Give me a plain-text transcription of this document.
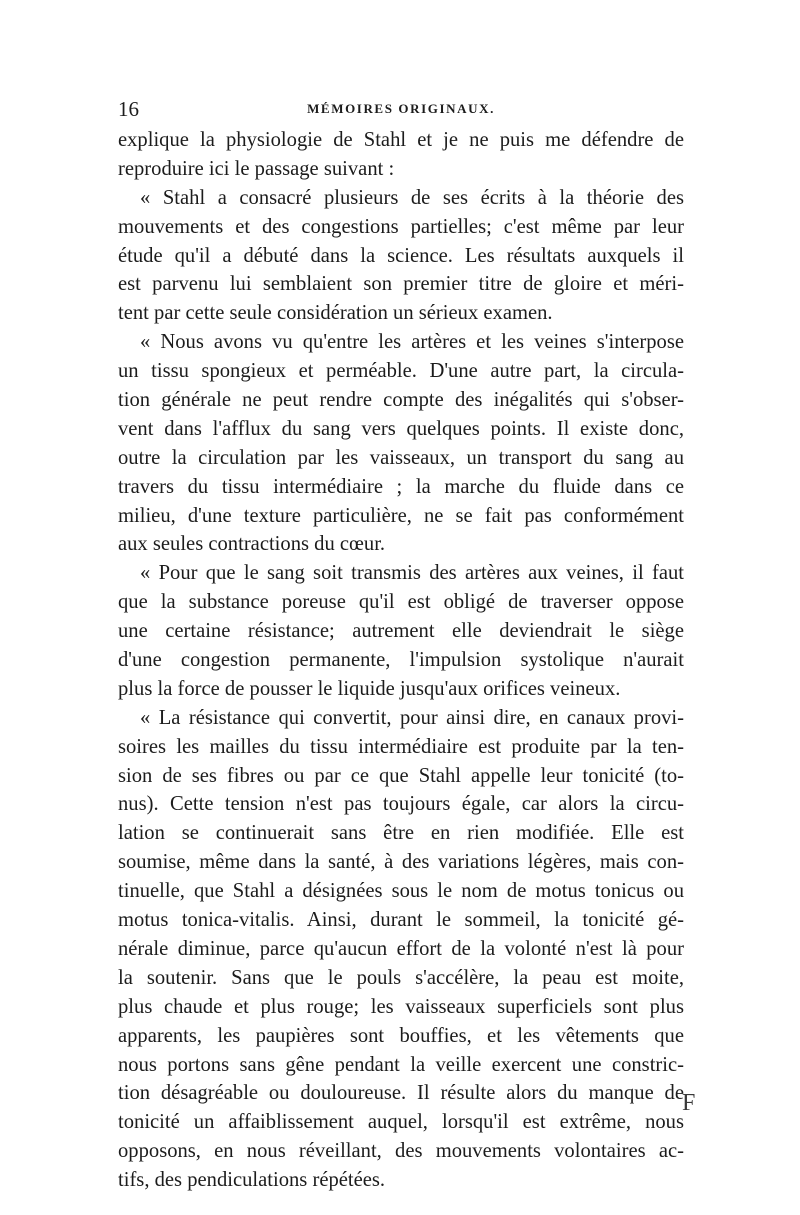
16	MÉMOIRES ORIGINAUX.
explique la physiologie de Stahl et je ne puis me défendre de
reproduire ici le passage suivant :
« Stahl a consacré plusieurs de ses écrits à la théorie des
mouvements et des congestions partielles; c'est même par leur
étude qu'il a débuté dans la science. Les résultats auxquels il
est parvenu lui semblaient son premier titre de gloire et méri-
tent par cette seule considération un sérieux examen.
« Nous avons vu qu'entre les artères et les veines s'interpose
un tissu spongieux et perméable. D'une autre part, la circula-
tion générale ne peut rendre compte des inégalités qui s'obser-
vent dans l'afflux du sang vers quelques points. Il existe donc,
outre la circulation par les vaisseaux, un transport du sang au
travers du tissu intermédiaire ; la marche du fluide dans ce
milieu, d'une texture particulière, ne se fait pas conformément
aux seules contractions du cœur.
« Pour que le sang soit transmis des artères aux veines, il faut
que la substance poreuse qu'il est obligé de traverser oppose
une certaine résistance; autrement elle deviendrait le siège
d'une congestion permanente, l'impulsion systolique n'aurait
plus la force de pousser le liquide jusqu'aux orifices veineux.
« La résistance qui convertit, pour ainsi dire, en canaux provi-
soires les mailles du tissu intermédiaire est produite par la ten-
sion de ses fibres ou par ce que Stahl appelle leur tonicité (to-
nus). Cette tension n'est pas toujours égale, car alors la circu-
lation se continuerait sans être en rien modifiée. Elle est
soumise, même dans la santé, à des variations légères, mais con-
tinuelle, que Stahl a désignées sous le nom de motus tonicus ou
motus tonica-vitalis. Ainsi, durant le sommeil, la tonicité gé-
nérale diminue, parce qu'aucun effort de la volonté n'est là pour
la soutenir. Sans que le pouls s'accélère, la peau est moite,
plus chaude et plus rouge; les vaisseaux superficiels sont plus
apparents, les paupières sont bouffies, et les vêtements que
nous portons sans gêne pendant la veille exercent une constric-
tion désagréable ou douloureuse. Il résulte alors du manque de
tonicité un affaiblissement auquel, lorsqu'il est extrême, nous
opposons, en nous réveillant, des mouvements volontaires ac-
tifs, des pendiculations répétées.
F
